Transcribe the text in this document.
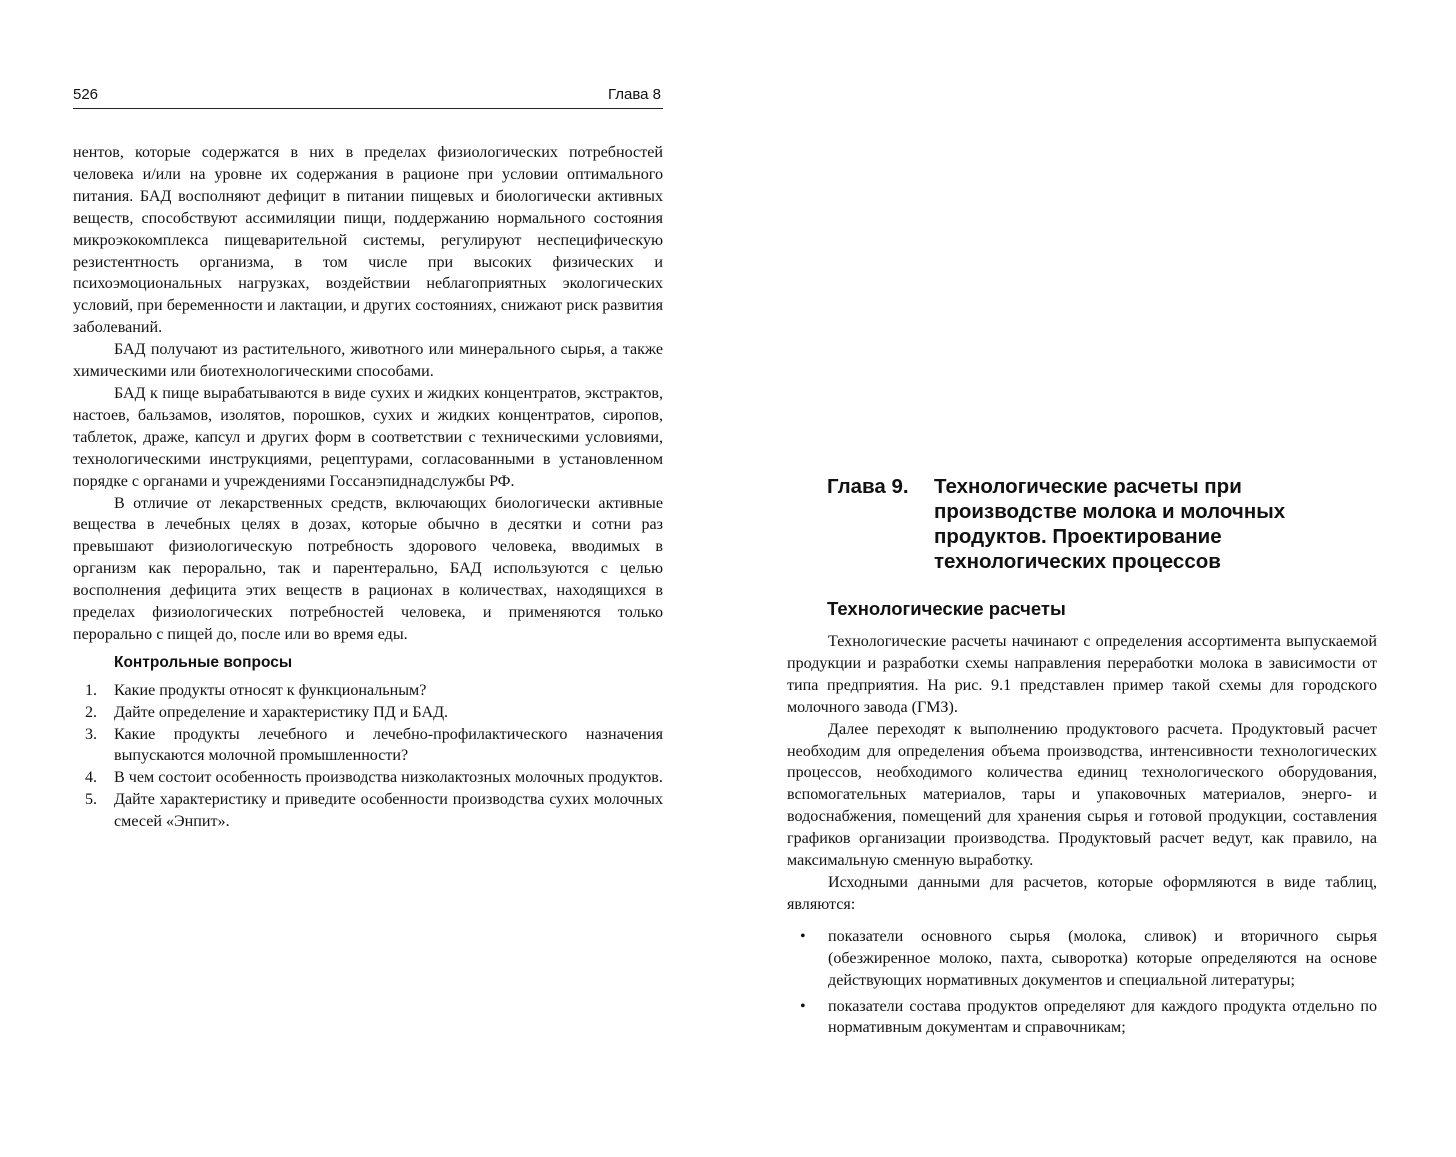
526	Глава 8

нентов, которые содержатся в них в пределах физиологических потребностей человека и/или на уровне их содержания в рационе при условии оптимального питания. БАД восполняют дефицит в питании пищевых и биологически активных веществ, способствуют ассимиляции пищи, поддержанию нормального состояния микроэкокомплекса пищеварительной системы, регулируют неспецифическую резистентность организма, в том числе при высоких физических и психоэмоциональных нагрузках, воздействии неблагоприятных экологических условий, при беременности и лактации, и других состояниях, снижают риск развития заболеваний.

БАД получают из растительного, животного или минерального сырья, а также химическими или биотехнологическими способами.

БАД к пище вырабатываются в виде сухих и жидких концентратов, экстрактов, настоев, бальзамов, изолятов, порошков, сухих и жидких концентратов, сиропов, таблеток, драже, капсул и других форм в соответствии с техническими условиями, технологическими инструкциями, рецептурами, согласованными в установленном порядке с органами и учреждениями Госсанэпиднадслужбы РФ.

В отличие от лекарственных средств, включающих биологически активные вещества в лечебных целях в дозах, которые обычно в десятки и сотни раз превышают физиологическую потребность здорового человека, вводимых в организм как перорально, так и парентерально, БАД используются с целью восполнения дефицита этих веществ в рационах в количествах, находящихся в пределах физиологических потребностей человека, и применяются только перорально с пищей до, после или во время еды.

Контрольные вопросы
1. Какие продукты относят к функциональным?
2. Дайте определение и характеристику ПД и БАД.
3. Какие продукты лечебного и лечебно-профилактического назначения выпускаются молочной промышленности?
4. В чем состоит особенность производства низколактозных молочных продуктов.
5. Дайте характеристику и приведите особенности производства сухих молочных смесей «Энпит».
Глава 9. Технологические расчеты при производстве молока и молочных продуктов. Проектирование технологических процессов
Технологические расчеты

Технологические расчеты начинают с определения ассортимента выпускаемой продукции и разработки схемы направления переработки молока в зависимости от типа предприятия. На рис. 9.1 представлен пример такой схемы для городского молочного завода (ГМЗ).

Далее переходят к выполнению продуктового расчета. Продуктовый расчет необходим для определения объема производства, интенсивности технологических процессов, необходимого количества единиц технологического оборудования, вспомогательных материалов, тары и упаковочных материалов, энерго- и водоснабжения, помещений для хранения сырья и готовой продукции, составления графиков организации производства. Продуктовый расчет ведут, как правило, на максимальную сменную выработку.

Исходными данными для расчетов, которые оформляются в виде таблиц, являются:

• показатели основного сырья (молока, сливок) и вторичного сырья (обезжиренное молоко, пахта, сыворотка) которые определяются на основе действующих нормативных документов и специальной литературы;
• показатели состава продуктов определяют для каждого продукта отдельно по нормативным документам и справочникам;
